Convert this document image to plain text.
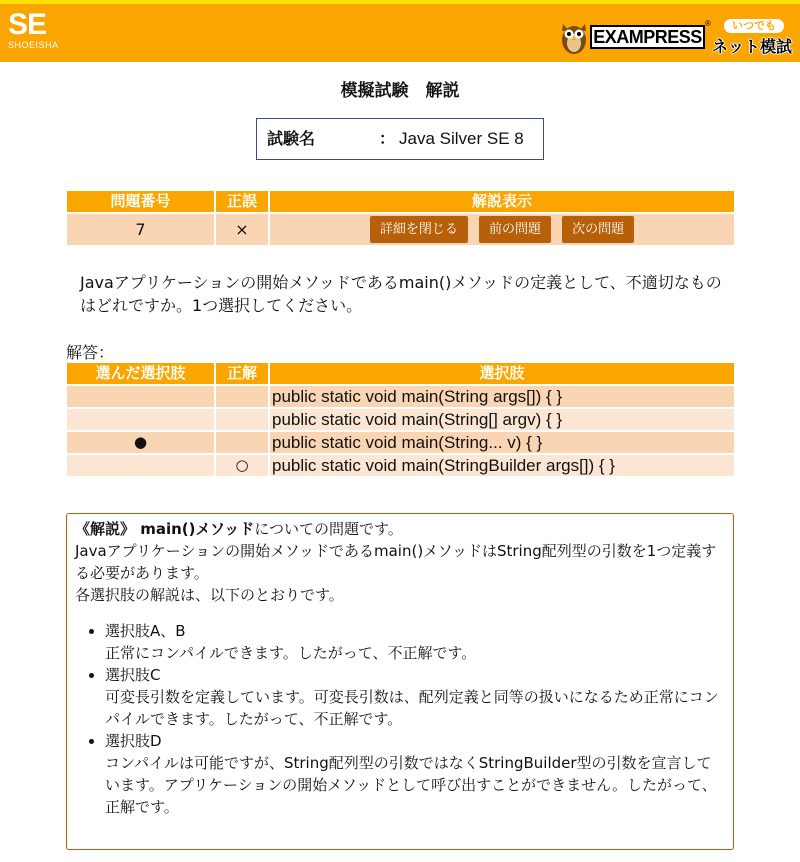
SE
SHOEISHA	EXAMPRESS
®	いつでも
ネット模試
模擬試験　解説
試験名	： Java Silver SE 8
問題番号	正誤	解説表示
7	×	詳細を閉じる 前の問題 次の問題
Javaアプリケーションの開始メソッドであるmain()メソッドの定義として、不適切なものはどれですか。1つ選択してください。
解答：
選んだ選択肢	正解	選択肢
		public static void main(String args[]) { }
		public static void main(String[] argv) { }
●		public static void main(String... v) { }
	○	public static void main(StringBuilder args[]) { }

《解説》 main()メソッドについての問題です。

Javaアプリケーションの開始メソッドであるmain()メソッドはString配列型の引数を1つ定義する必要があります。

各選択肢の解説は、以下のとおりです。

• 選択肢A、B
正常にコンパイルできます。したがって、不正解です。
• 選択肢C
可変長引数を定義しています。可変長引数は、配列定義と同等の扱いになるため正常にコンパイルできます。したがって、不正解です。
• 選択肢D
コンパイルは可能ですが、String配列型の引数ではなくStringBuilder型の引数を宣言しています。アプリケーションの開始メソッドとして呼び出すことができません。したがって、正解です。
